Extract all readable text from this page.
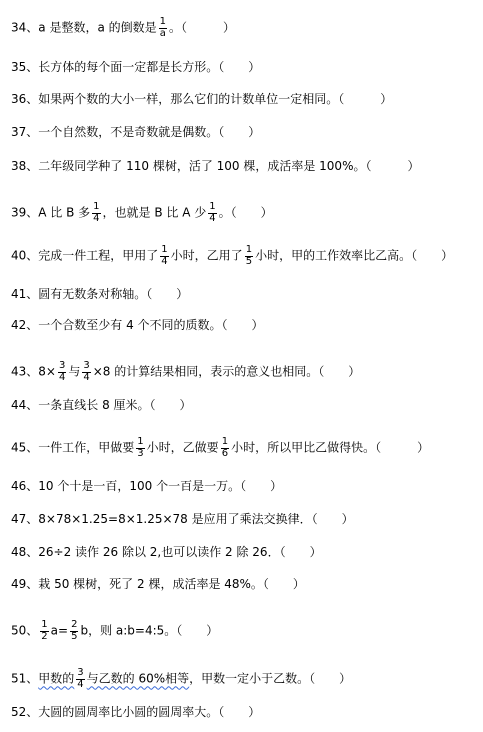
34、a 是整数，a 的倒数是 $\frac{1}{a}$ 。（　　　）
35、长方体的每个面一定都是长方形。（　　）
36、如果两个数的大小一样，那么它们的计数单位一定相同。（　　　）
37、一个自然数，不是奇数就是偶数。（　　）
38、二年级同学种了 110 棵树，活了 100 棵，成活率是 100%。（　　　）
39、A 比 B 多 $\frac{1}{4}$ ，也就是 B 比 A 少 $\frac{1}{4}$ 。（　　）
40、完成一件工程，甲用了 $\frac{1}{4}$ 小时，乙用了 $\frac{1}{5}$ 小时，甲的工作效率比乙高。（　　）
41、圆有无数条对称轴。（　　）
42、一个合数至少有 4 个不同的质数。（　　）
43、$8\times \frac{3}{4}$ 与 $\frac{3}{4} \times 8$ 的计算结果相同，表示的意义也相同。（　　）
44、一条直线长 8 厘米。（　　）
45、一件工作，甲做要 $\frac{1}{3}$ 小时，乙做要 $\frac{1}{6}$ 小时，所以甲比乙做得快。（　　　）
46、10 个十是一百，100 个一百是一万。（　　）
47、8×78×1.25=8×1.25×78 是应用了乘法交换律．（　　）
48、26÷2 读作 26 除以 2,也可以读作 2 除 26．（　　）
49、栽 50 棵树，死了 2 棵，成活率是 48%。（　　）
50、 $\frac{1}{2} a= \frac{2}{5}$ b，则 a:b=4:5。（　　）
51、甲数的 $\frac{3}{4}$ 与乙数的 60%相等，甲数一定小于乙数。（　　）
52、大圆的圆周率比小圆的圆周率大。（　　）
